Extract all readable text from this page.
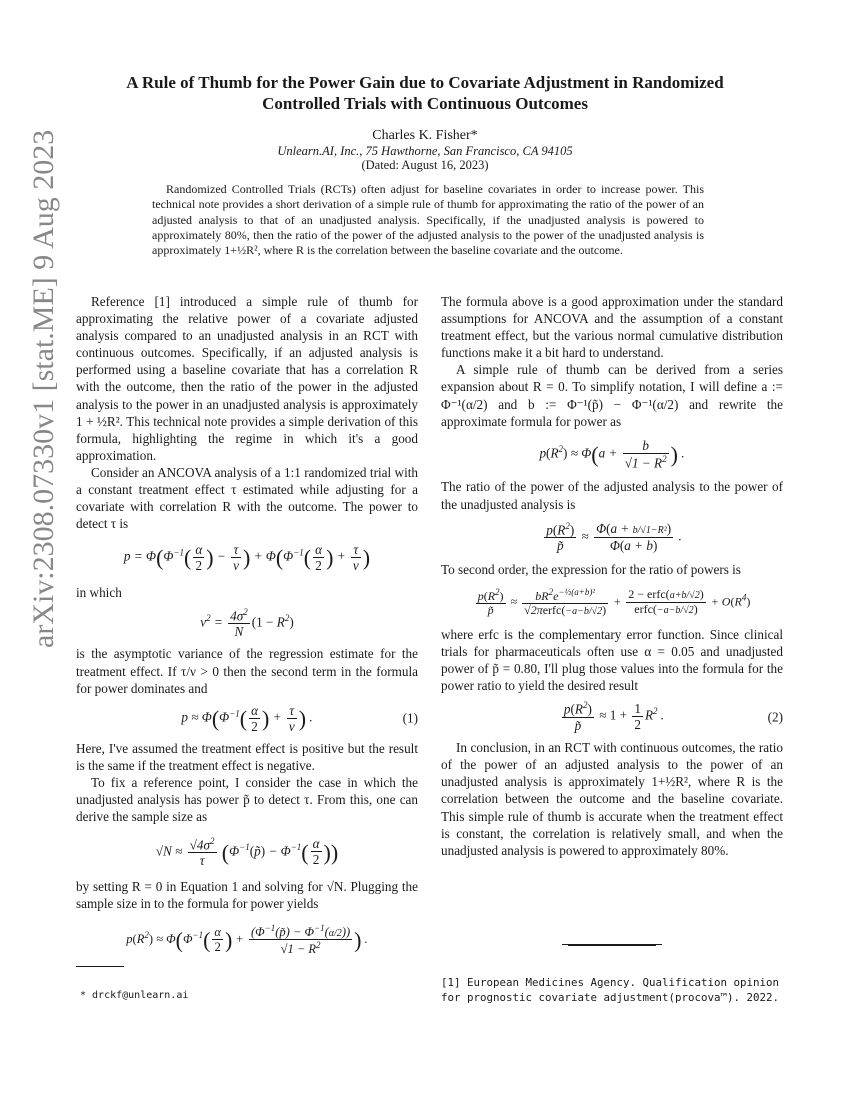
arXiv:2308.07330v1 [stat.ME] 9 Aug 2023
A Rule of Thumb for the Power Gain due to Covariate Adjustment in Randomized
Controlled Trials with Continuous Outcomes
Charles K. Fisher*
Unlearn.AI, Inc., 75 Hawthorne, San Francisco, CA 94105
(Dated: August 16, 2023)
Randomized Controlled Trials (RCTs) often adjust for baseline covariates in order to increase power. This technical note provides a short derivation of a simple rule of thumb for approximating the ratio of the power of an adjusted analysis to that of an unadjusted analysis. Specifically, if the unadjusted analysis is powered to approximately 80%, then the ratio of the power of the adjusted analysis to the power of the unadjusted analysis is approximately 1+½R², where R is the correlation between the baseline covariate and the outcome.

Reference [1] introduced a simple rule of thumb for approximating the relative power of a covariate adjusted analysis compared to an unadjusted analysis in an RCT with continuous outcomes. Specifically, if an adjusted analysis is performed using a baseline covariate that has a correlation R with the outcome, then the ratio of the power in the adjusted analysis to the power in an unadjusted analysis is approximately 1 + ½R². This technical note provides a simple derivation of this formula, highlighting the regime in which it's a good approximation.

Consider an ANCOVA analysis of a 1:1 randomized trial with a constant treatment effect τ estimated while adjusting for a covariate with correlation R with the outcome. The power to detect τ is

$p = \Phi(\Phi^{-1}( \frac{\alpha}{2}$ ) − $\frac{\tau}{\nu}$ ) + $\Phi(\Phi^{-1}( \frac{\alpha}{2}$ ) + $\frac{\tau}{\nu}$ )

in which

$\nu^2 = \frac{4\sigma^2}{N} (1 - R^2)$

is the asymptotic variance of the regression estimate for the treatment effect. If τ/ν > 0 then the second term in the formula for power dominates and

$p \approx \Phi(\Phi^{-1}( \frac{\alpha}{2}$ ) + $\frac{\tau}{\nu}$ ) .	(1)

Here, I've assumed the treatment effect is positive but the result is the same if the treatment effect is negative.

To fix a reference point, I consider the case in which the unadjusted analysis has power p̃ to detect τ. From this, one can derive the sample size as

$√N \approx \frac{√4\sigma^2}{\tau}$ ($\Phi^{-1}(p̃) - \Phi^{-1}( \frac{\alpha}{2}$ ))

by setting R = 0 in Equation 1 and solving for √N. Plugging the sample size in to the formula for power yields

$p(R^2) \approx \Phi(\Phi^{-1}( \frac{\alpha}{2}$ ) + $\frac{(\Phi^{-1}(p̃) - \Phi^{-1}(\alpha/2))}{√1 - R^2}$ ) .

The formula above is a good approximation under the standard assumptions for ANCOVA and the assumption of a constant treatment effect, but the various normal cumulative distribution functions make it a bit hard to understand.

A simple rule of thumb can be derived from a series expansion about R = 0. To simplify notation, I will define a := Φ⁻¹(α/2) and b := Φ⁻¹(p̃) − Φ⁻¹(α/2) and rewrite the approximate formula for power as

$p(R^2) \approx \Phi(a + \frac{b}{√1 - R^2}$ ) .

The ratio of the power of the adjusted analysis to the power of the unadjusted analysis is

$\frac{p(R^2)}{p̃} \approx \frac{\text{Φ(a + b/√1−R²)}}{\Phi(a + b)}$ .

To second order, the expression for the ratio of powers is

$\frac{p(R^2)}{p̃} \approx \frac{bR^2e^{-\frac{1}{2}(a+b)^2}}{\text{√2πerfc(−a−b/√2)}} + \frac{\text{2 − erfc(a+b/√2)}}{\text{erfc(−a−b/√2)}} + O(R^4)$

where erfc is the complementary error function. Since clinical trials for pharmaceuticals often use α = 0.05 and unadjusted power of p̃ = 0.80, I'll plug those values into the formula for the power ratio to yield the desired result

$\frac{p(R^2)}{p̃} \approx 1 + \frac{1}{2} R^2$ .	(2)

In conclusion, in an RCT with continuous outcomes, the ratio of the power of an adjusted analysis to the power of an unadjusted analysis is approximately 1+½R², where R is the correlation between the outcome and the baseline covariate. This simple rule of thumb is accurate when the treatment effect is constant, the correlation is relatively small, and when the unadjusted analysis is powered to approximately 80%.

* drckf@unlearn.ai
[1] European Medicines Agency. Qualification opinion for prognostic covariate adjustment(procova™). 2022.
